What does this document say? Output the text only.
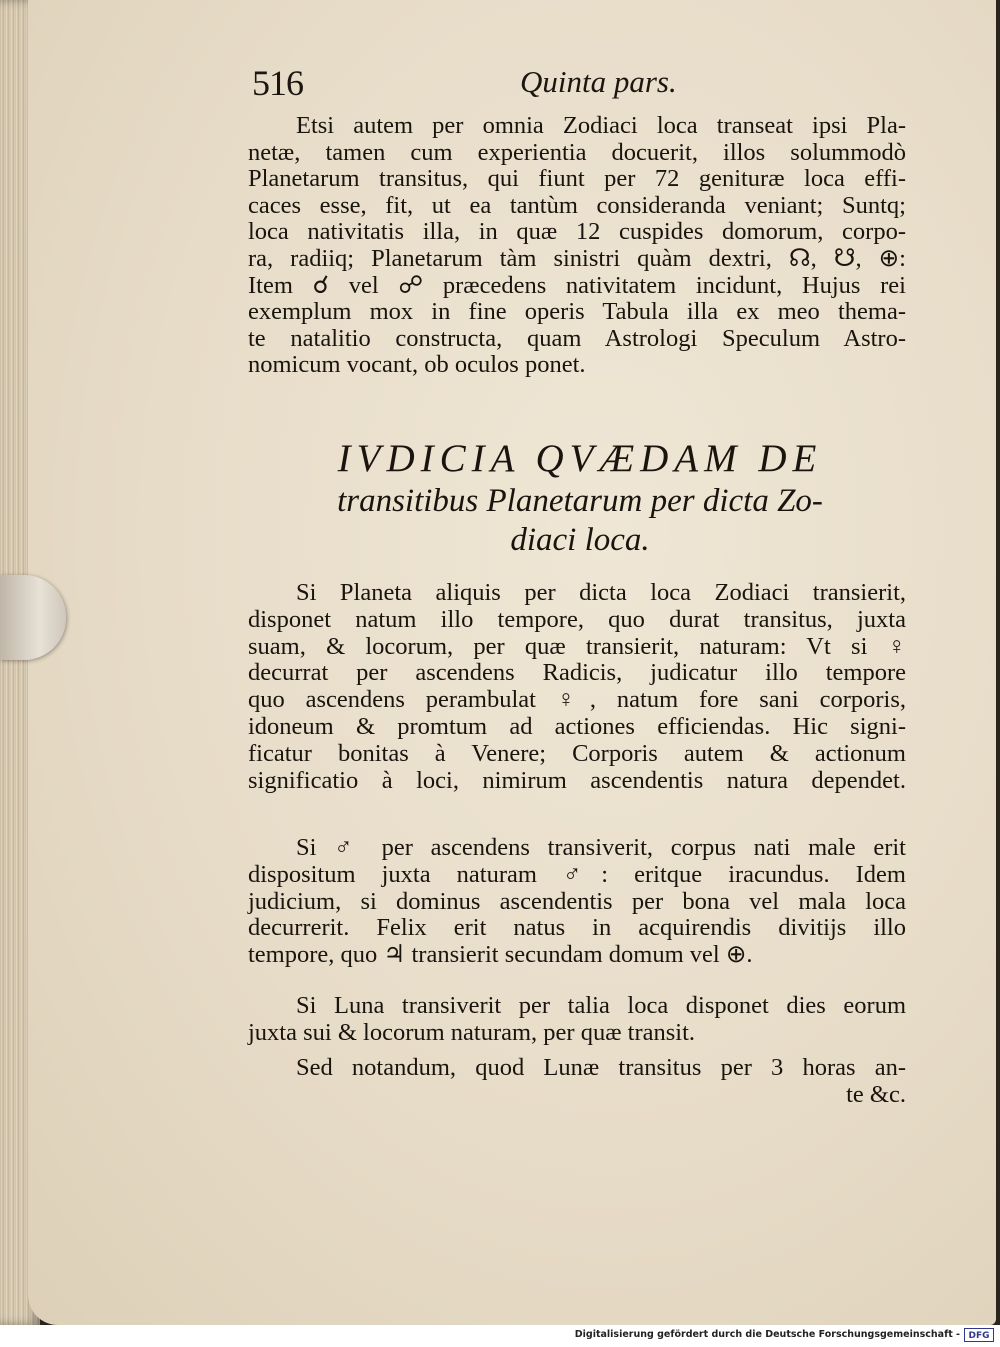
516	Quinta pars.
Etsi autem per omnia Zodiaci loca transeat ipsi Pla-
netæ, tamen cum experientia docuerit, illos solummodò
Planetarum transitus, qui fiunt per 72 genituræ loca effi-
caces esse, fit, ut ea tantùm consideranda veniant; Suntq;
loca nativitatis illa, in quæ 12 cuspides domorum, corpo-
ra, radiiq; Planetarum tàm sinistri quàm dextri, ☊, ☋, ⊕:
Item ☌ vel ☍ præcedens nativitatem incidunt, Hujus rei
exemplum mox in fine operis Tabula illa ex meo thema-
te natalitio constructa, quam Astrologi Speculum Astro-
nomicum vocant, ob oculos ponet.
IVDICIA QVÆDAM DE
transitibus Planetarum per dicta Zo-
diaci loca.
Si Planeta aliquis per dicta loca Zodiaci transierit,
disponet natum illo tempore, quo durat transitus, juxta
suam, & locorum, per quæ transierit, naturam: Vt si ♀
decurrat per ascendens Radicis, judicatur illo tempore
quo ascendens perambulat ♀, natum fore sani corporis,
idoneum & promtum ad actiones efficiendas. Hic signi-
ficatur bonitas à Venere; Corporis autem & actionum
significatio à loci, nimirum ascendentis natura dependet.
Si ♂ per ascendens transiverit, corpus nati male erit
dispositum juxta naturam ♂: eritque iracundus. Idem
judicium, si dominus ascendentis per bona vel mala loca
decurrerit. Felix erit natus in acquirendis divitijs illo
tempore, quo ♃ transierit secundam domum vel ⊕.
Si Luna transiverit per talia loca disponet dies eorum
juxta sui & locorum naturam, per quæ transit.
Sed notandum, quod Lunæ transitus per 3 horas an-
te &c.
Digitalisierung gefördert durch die Deutsche Forschungsgemeinschaft - DFG
